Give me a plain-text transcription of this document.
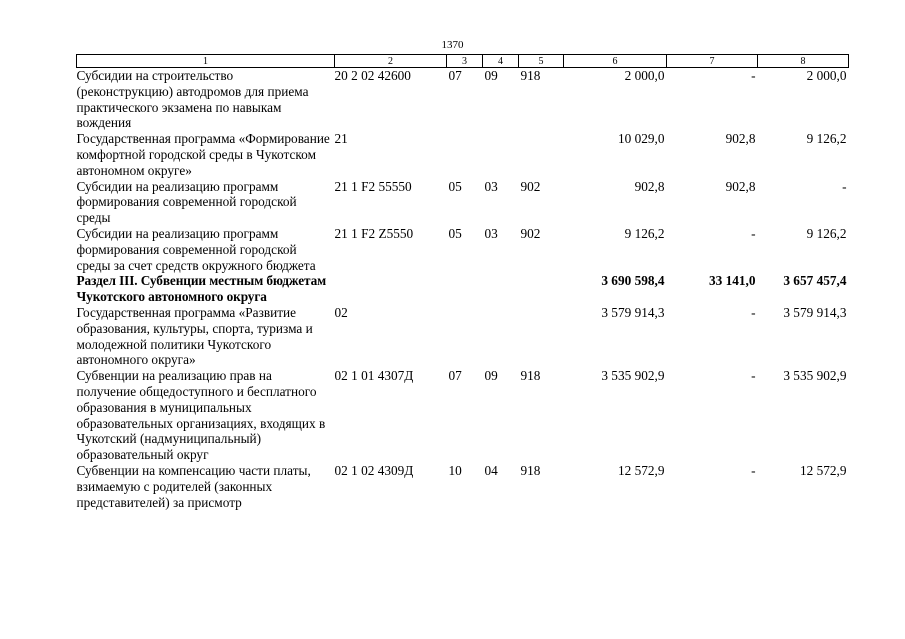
1370
1	2	3	4	5	6	7	8
Субсидии на строительство (реконструкцию) автодромов для приема практического экзамена по навыкам вождения	20 2 02 42600	07	09	918	2 000,0	-	2 000,0
Государственная программа «Формирование комфортной городской среды в Чукотском автономном округе»	21				10 029,0	902,8	9 126,2
Субсидии на реализацию программ формирования современной городской среды	21 1 F2 55550	05	03	902	902,8	902,8	-
Субсидии на реализацию программ формирования современной городской среды за счет средств окружного бюджета	21 1 F2 Z5550	05	03	902	9 126,2	-	9 126,2
Раздел III. Субвенции местным бюджетам Чукотского автономного округа					3 690 598,4	33 141,0	3 657 457,4
Государственная программа «Развитие образования, культуры, спорта, туризма и молодежной политики Чукотского автономного округа»	02				3 579 914,3	-	3 579 914,3
Субвенции на реализацию прав на получение общедоступного и бесплатного образования в муниципальных образовательных организациях, входящих в Чукотский (надмуниципальный) образовательный округ	02 1 01 4307Д	07	09	918	3 535 902,9	-	3 535 902,9
Субвенции на компенсацию части платы, взимаемую с родителей (законных представителей) за присмотр	02 1 02 4309Д	10	04	918	12 572,9	-	12 572,9
